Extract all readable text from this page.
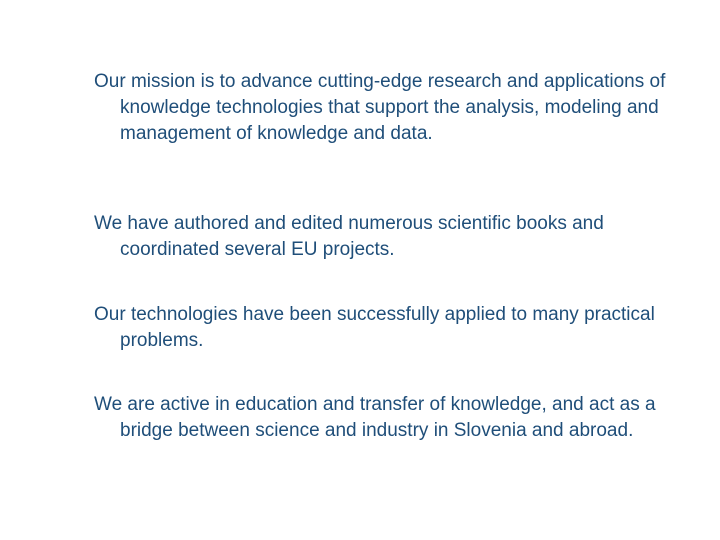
Our mission is to advance cutting-edge research and applications of knowledge technologies that support the analysis, modeling and management of knowledge and data.

We have authored and edited numerous scientific books and coordinated several EU projects.

Our technologies have been successfully applied to many practical problems.

We are active in education and transfer of knowledge, and act as a bridge between science and industry in Slovenia and abroad.
